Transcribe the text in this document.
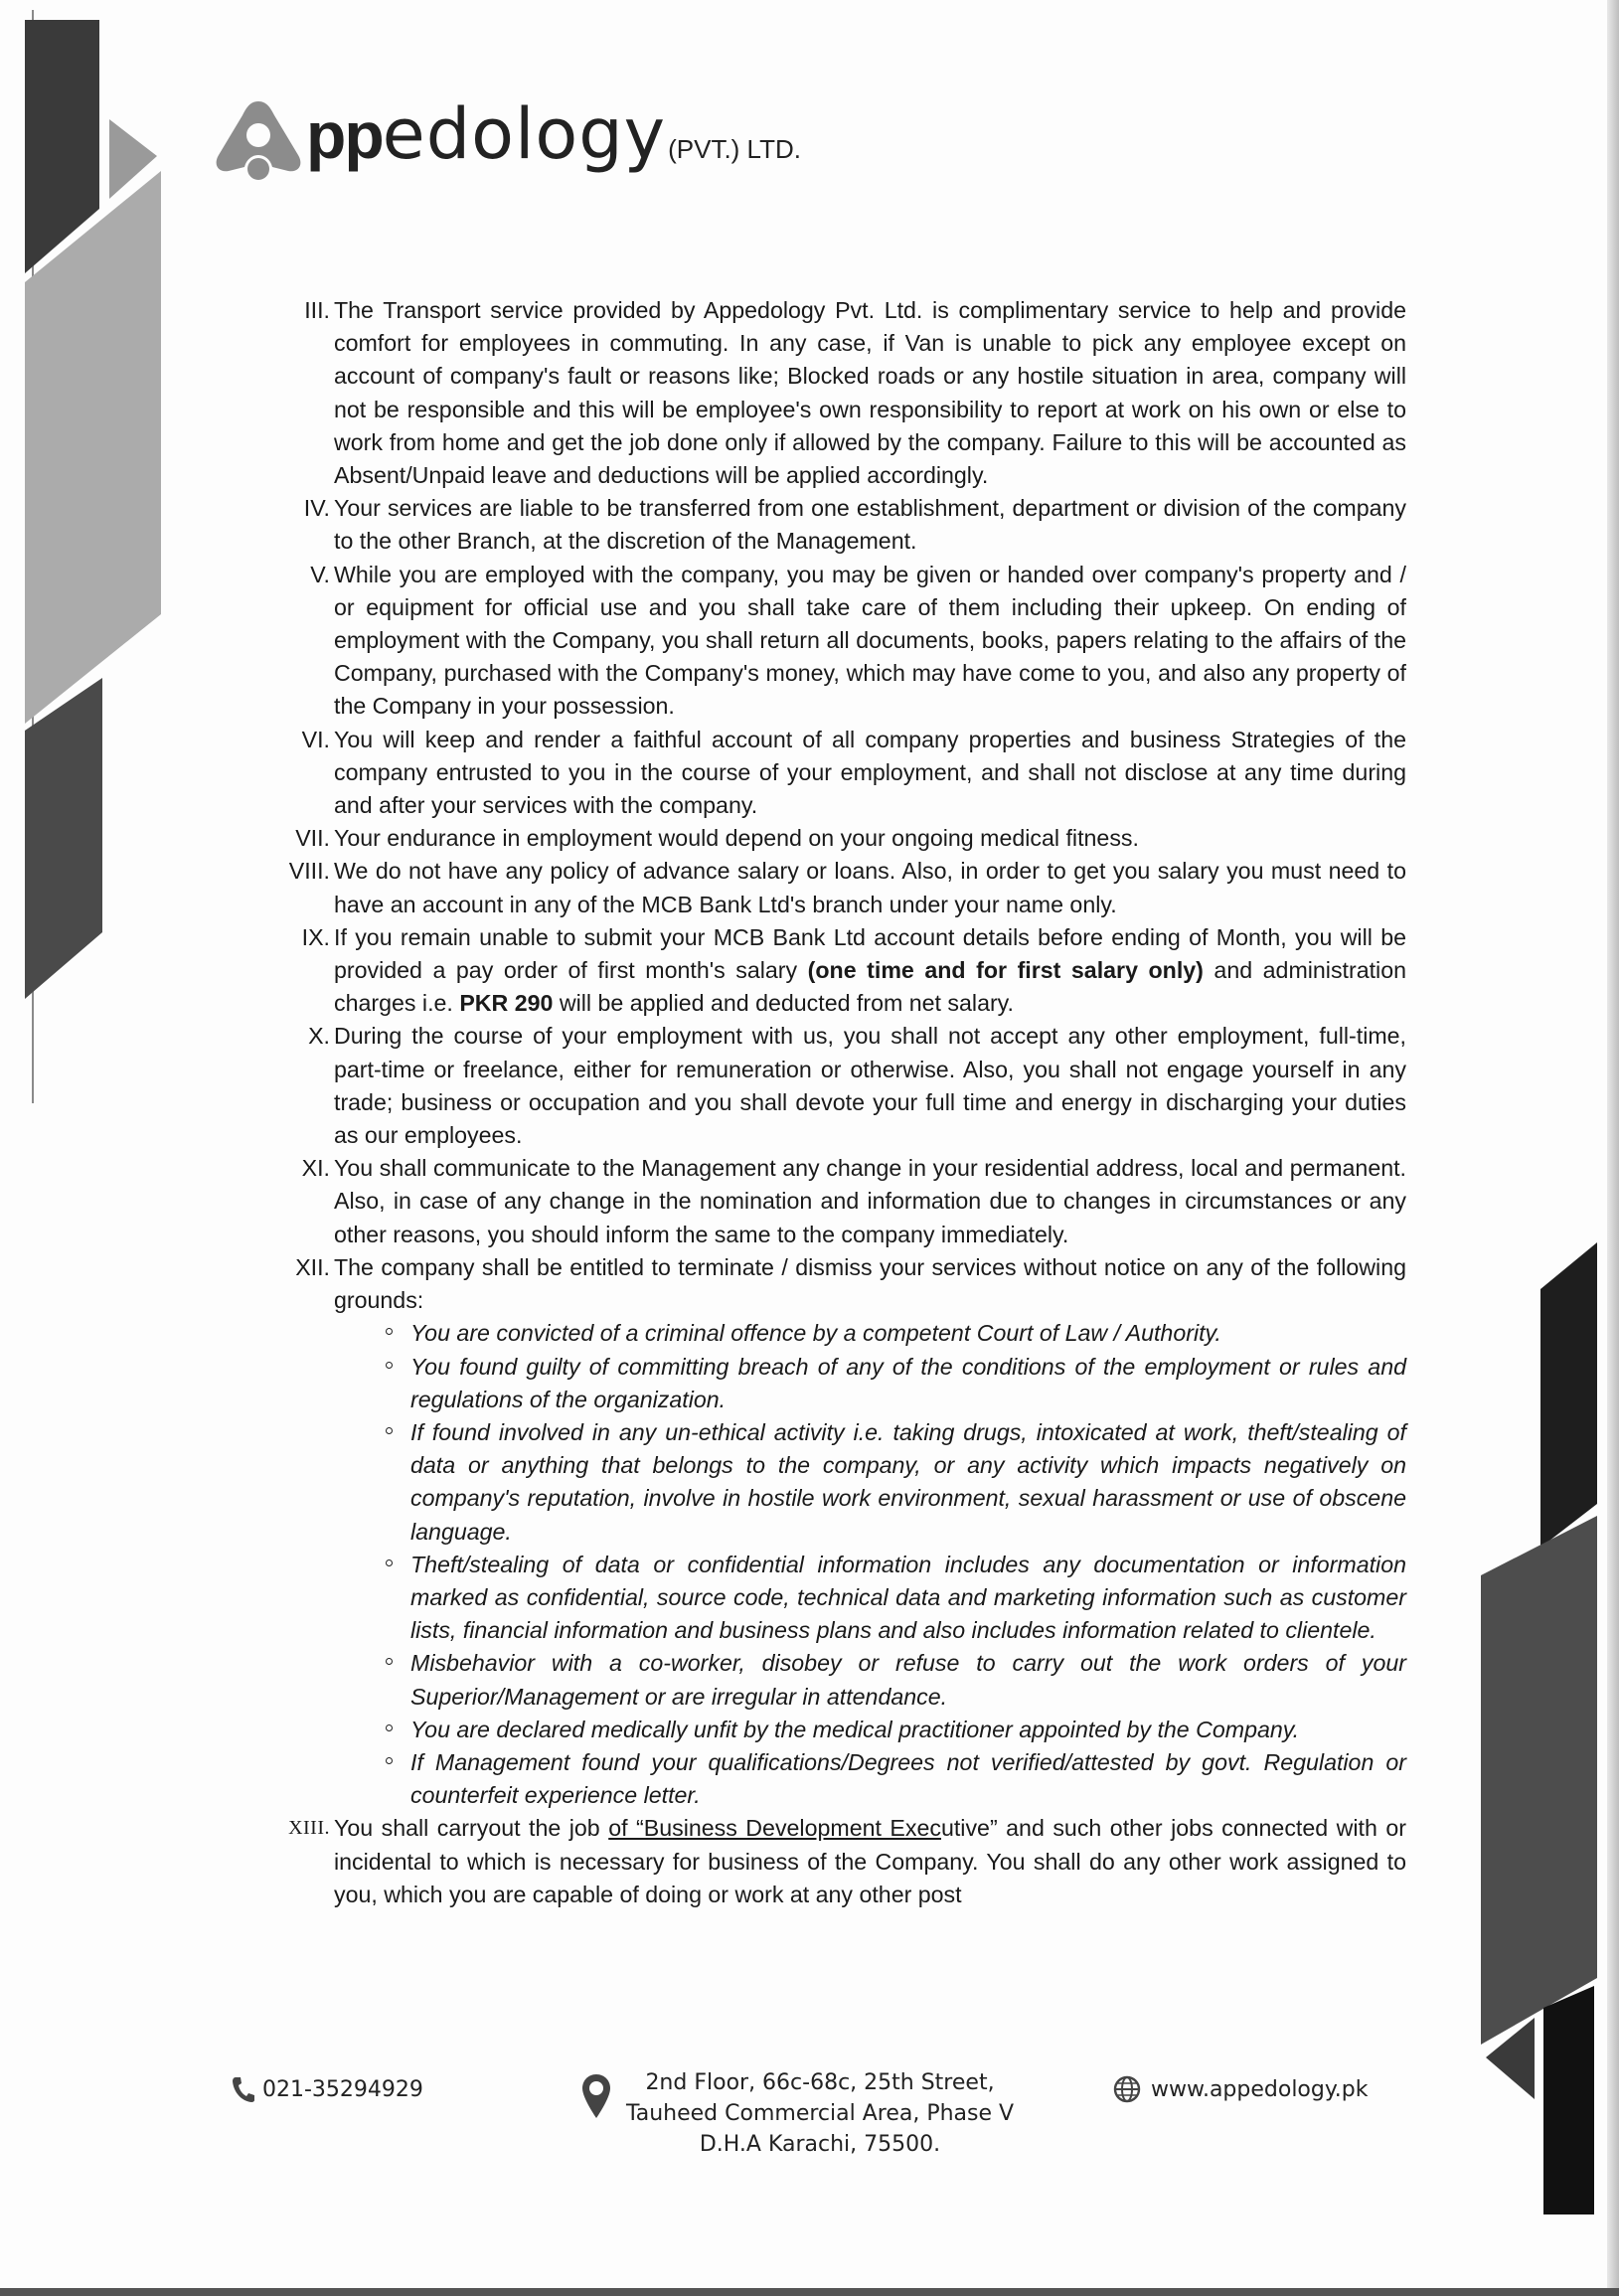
ppedology(PVT.) LTD.
III. The Transport service provided by Appedology Pvt. Ltd. is complimentary service to help and provide comfort for employees in commuting. In any case, if Van is unable to pick any employee except on account of company's fault or reasons like; Blocked roads or any hostile situation in area, company will not be responsible and this will be employee's own responsibility to report at work on his own or else to work from home and get the job done only if allowed by the company. Failure to this will be accounted as Absent/Unpaid leave and deductions will be applied accordingly.
IV. Your services are liable to be transferred from one establishment, department or division of the company to the other Branch, at the discretion of the Management.
V. While you are employed with the company, you may be given or handed over company's property and / or equipment for official use and you shall take care of them including their upkeep. On ending of employment with the Company, you shall return all documents, books, papers relating to the affairs of the Company, purchased with the Company's money, which may have come to you, and also any property of the Company in your possession.
VI. You will keep and render a faithful account of all company properties and business Strategies of the company entrusted to you in the course of your employment, and shall not disclose at any time during and after your services with the company.
VII. Your endurance in employment would depend on your ongoing medical fitness.
VIII. We do not have any policy of advance salary or loans. Also, in order to get you salary you must need to have an account in any of the MCB Bank Ltd's branch under your name only.
IX. If you remain unable to submit your MCB Bank Ltd account details before ending of Month, you will be provided a pay order of first month's salary (one time and for first salary only) and administration charges i.e. PKR 290 will be applied and deducted from net salary.
X. During the course of your employment with us, you shall not accept any other employment, full-time, part-time or freelance, either for remuneration or otherwise. Also, you shall not engage yourself in any trade; business or occupation and you shall devote your full time and energy in discharging your duties as our employees.
XI. You shall communicate to the Management any change in your residential address, local and permanent. Also, in case of any change in the nomination and information due to changes in circumstances or any other reasons, you should inform the same to the company immediately.
XII. The company shall be entitled to terminate / dismiss your services without notice on any of the following grounds:
You are convicted of a criminal offence by a competent Court of Law / Authority.
You found guilty of committing breach of any of the conditions of the employment or rules and regulations of the organization.
If found involved in any un-ethical activity i.e. taking drugs, intoxicated at work, theft/stealing of data or anything that belongs to the company, or any activity which impacts negatively on company's reputation, involve in hostile work environment, sexual harassment or use of obscene language.
Theft/stealing of data or confidential information includes any documentation or information marked as confidential, source code, technical data and marketing information such as customer lists, financial information and business plans and also includes information related to clientele.
Misbehavior with a co-worker, disobey or refuse to carry out the work orders of your Superior/Management or are irregular in attendance.
You are declared medically unfit by the medical practitioner appointed by the Company.
If Management found your qualifications/Degrees not verified/attested by govt. Regulation or counterfeit experience letter.
XIII. You shall carryout the job of “Business Development Executive” and such other jobs connected with or incidental to which is necessary for business of the Company. You shall do any other work assigned to you, which you are capable of doing or work at any other post
021-35294929	2nd Floor, 66c-68c, 25th Street,
Tauheed Commercial Area, Phase V
D.H.A Karachi, 75500.
www.appedology.pk
